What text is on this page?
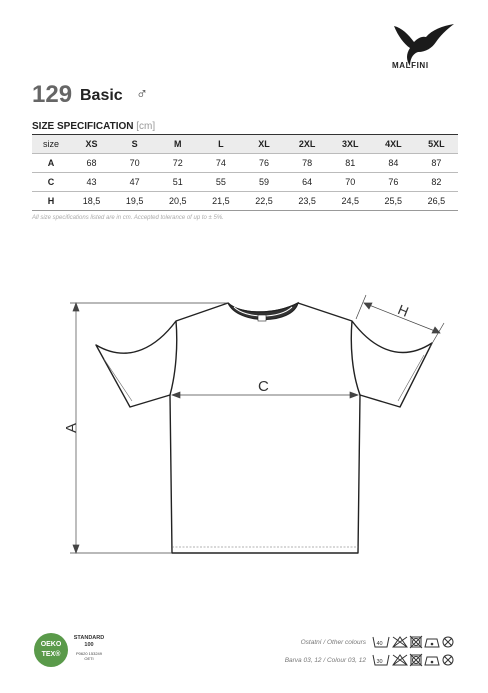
MALFINI
129 Basic ♂
SIZE SPECIFICATION [cm]
size	XS	S	M	L	XL	2XL	3XL	4XL	5XL
A	68	70	72	74	76	78	81	84	87
C	43	47	51	55	59	64	70	76	82
H	18,5	19,5	20,5	21,5	22,5	23,5	24,5	25,5	26,5
All size specifications listed are in cm. Accepted tolerance of up to ± 5%.
A
C
H
OEKO
TEX®
STANDARD
100
P0620 153249
OETI
Ostatní / Other colours
Barva 03, 12 / Colour 03, 12
40
30
